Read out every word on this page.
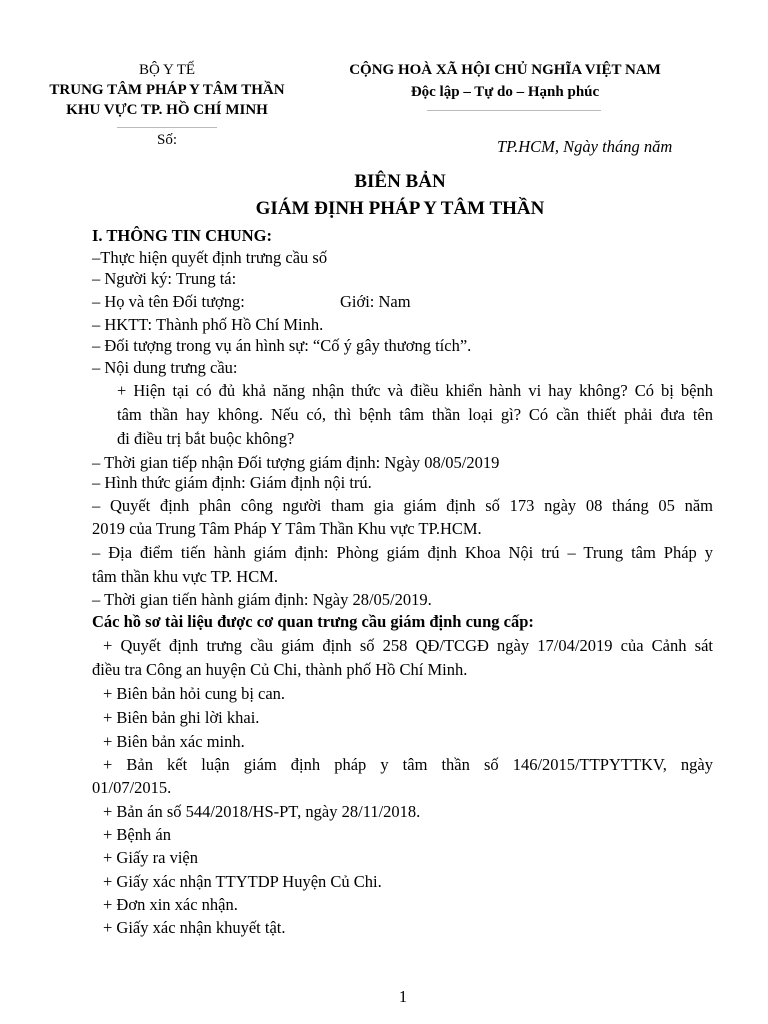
BỘ Y TẾ
TRUNG TÂM PHÁP Y TÂM THẦN
KHU VỰC TP. HỒ CHÍ MINH
Số:
CỘNG HOÀ XÃ HỘI CHỦ NGHĨA VIỆT NAM
Độc lập – Tự do – Hạnh phúc
TP.HCM, Ngày tháng năm
BIÊN BẢN
GIÁM ĐỊNH PHÁP Y TÂM THẦN
I. THÔNG TIN CHUNG:
–Thực hiện quyết định trưng cầu số
– Người ký: Trung tá:
– Họ và tên Đối tượng:	Giới: Nam
– HKTT: Thành phố Hồ Chí Minh.
– Đối tượng trong vụ án hình sự: “Cố ý gây thương tích”.
– Nội dung trưng cầu:
+ Hiện tại có đủ khả năng nhận thức và điều khiển hành vi hay không? Có bị bệnh
tâm thần hay không. Nếu có, thì bệnh tâm thần loại gì? Có cần thiết phải đưa tên
đi điều trị bắt buộc không?
– Thời gian tiếp nhận Đối tượng giám định: Ngày 08/05/2019
– Hình thức giám định: Giám định nội trú.
– Quyết định phân công người tham gia giám định số 173 ngày 08 tháng 05 năm
2019 của Trung Tâm Pháp Y Tâm Thần Khu vực TP.HCM.
– Địa điểm tiến hành giám định: Phòng giám định Khoa Nội trú – Trung tâm Pháp y
tâm thần khu vực TP. HCM.
– Thời gian tiến hành giám định: Ngày 28/05/2019.
Các hồ sơ tài liệu được cơ quan trưng cầu giám định cung cấp:
+ Quyết định trưng cầu giám định số 258 QĐ/TCGĐ ngày 17/04/2019 của Cảnh sát
điều tra Công an huyện Củ Chi, thành phố Hồ Chí Minh.
+ Biên bản hỏi cung bị can.
+ Biên bản ghi lời khai.
+ Biên bản xác minh.
+ Bản kết luận giám định pháp y tâm thần số 146/2015/TTPYTTKV, ngày
01/07/2015.
+ Bản án số 544/2018/HS-PT, ngày 28/11/2018.
+ Bệnh án
+ Giấy ra viện
+ Giấy xác nhận TTYTDP Huyện Củ Chi.
+ Đơn xin xác nhận.
+ Giấy xác nhận khuyết tật.
1
